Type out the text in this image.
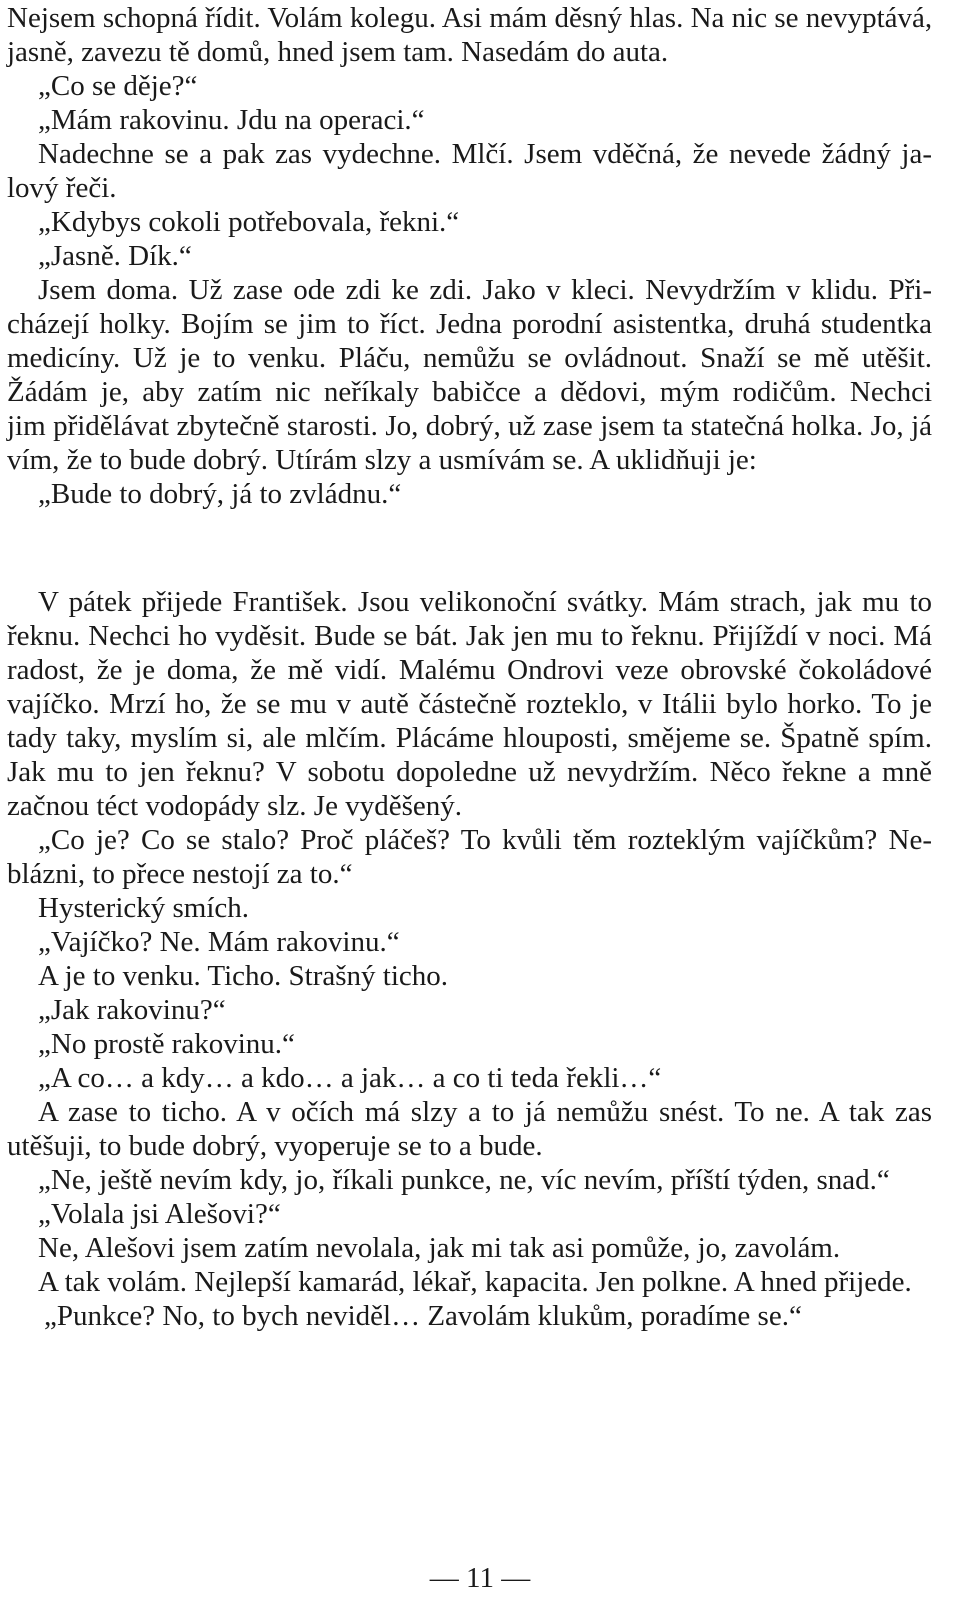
Nejsem schopná řídit. Volám kolegu. Asi mám děsný hlas. Na nic se nevyptává,
jasně, zavezu tě domů, hned jsem tam. Nasedám do auta.
„Co se děje?“
„Mám rakovinu. Jdu na operaci.“
Nadechne se a pak zas vydechne. Mlčí. Jsem vděčná, že nevede žádný ja-
lový řeči.
„Kdybys cokoli potřebovala, řekni.“
„Jasně. Dík.“
Jsem doma. Už zase ode zdi ke zdi. Jako v kleci. Nevydržím v klidu. Při-
cházejí holky. Bojím se jim to říct. Jedna porodní asistentka, druhá studentka
medicíny. Už je to venku. Pláču, nemůžu se ovládnout. Snaží se mě utěšit.
Žádám je, aby zatím nic neříkaly babičce a dědovi, mým rodičům. Nechci
jim přidělávat zbytečně starosti. Jo, dobrý, už zase jsem ta statečná holka. Jo, já
vím, že to bude dobrý. Utírám slzy a usmívám se. A uklidňuji je:
„Bude to dobrý, já to zvládnu.“
V pátek přijede František. Jsou velikonoční svátky. Mám strach, jak mu to
řeknu. Nechci ho vyděsit. Bude se bát. Jak jen mu to řeknu. Přijíždí v noci. Má
radost, že je doma, že mě vidí. Malému Ondrovi veze obrovské čokoládové
vajíčko. Mrzí ho, že se mu v autě částečně rozteklo, v Itálii bylo horko. To je
tady taky, myslím si, ale mlčím. Plácáme hlouposti, smějeme se. Špatně spím.
Jak mu to jen řeknu? V sobotu dopoledne už nevydržím. Něco řekne a mně
začnou téct vodopády slz. Je vyděšený.
„Co je? Co se stalo? Proč pláčeš? To kvůli těm rozteklým vajíčkům? Ne-
blázni, to přece nestojí za to.“
Hysterický smích.
„Vajíčko? Ne. Mám rakovinu.“
A je to venku. Ticho. Strašný ticho.
„Jak rakovinu?“
„No prostě rakovinu.“
„A co… a kdy… a kdo… a jak… a co ti teda řekli…“
A zase to ticho. A v očích má slzy a to já nemůžu snést. To ne. A tak zas
utěšuji, to bude dobrý, vyoperuje se to a bude.
„Ne, ještě nevím kdy, jo, říkali punkce, ne, víc nevím, příští týden, snad.“
„Volala jsi Alešovi?“
Ne, Alešovi jsem zatím nevolala, jak mi tak asi pomůže, jo, zavolám.
A tak volám. Nejlepší kamarád, lékař, kapacita. Jen polkne. A hned přijede.
„Punkce? No, to bych neviděl… Zavolám klukům, poradíme se.“
— 11 —
